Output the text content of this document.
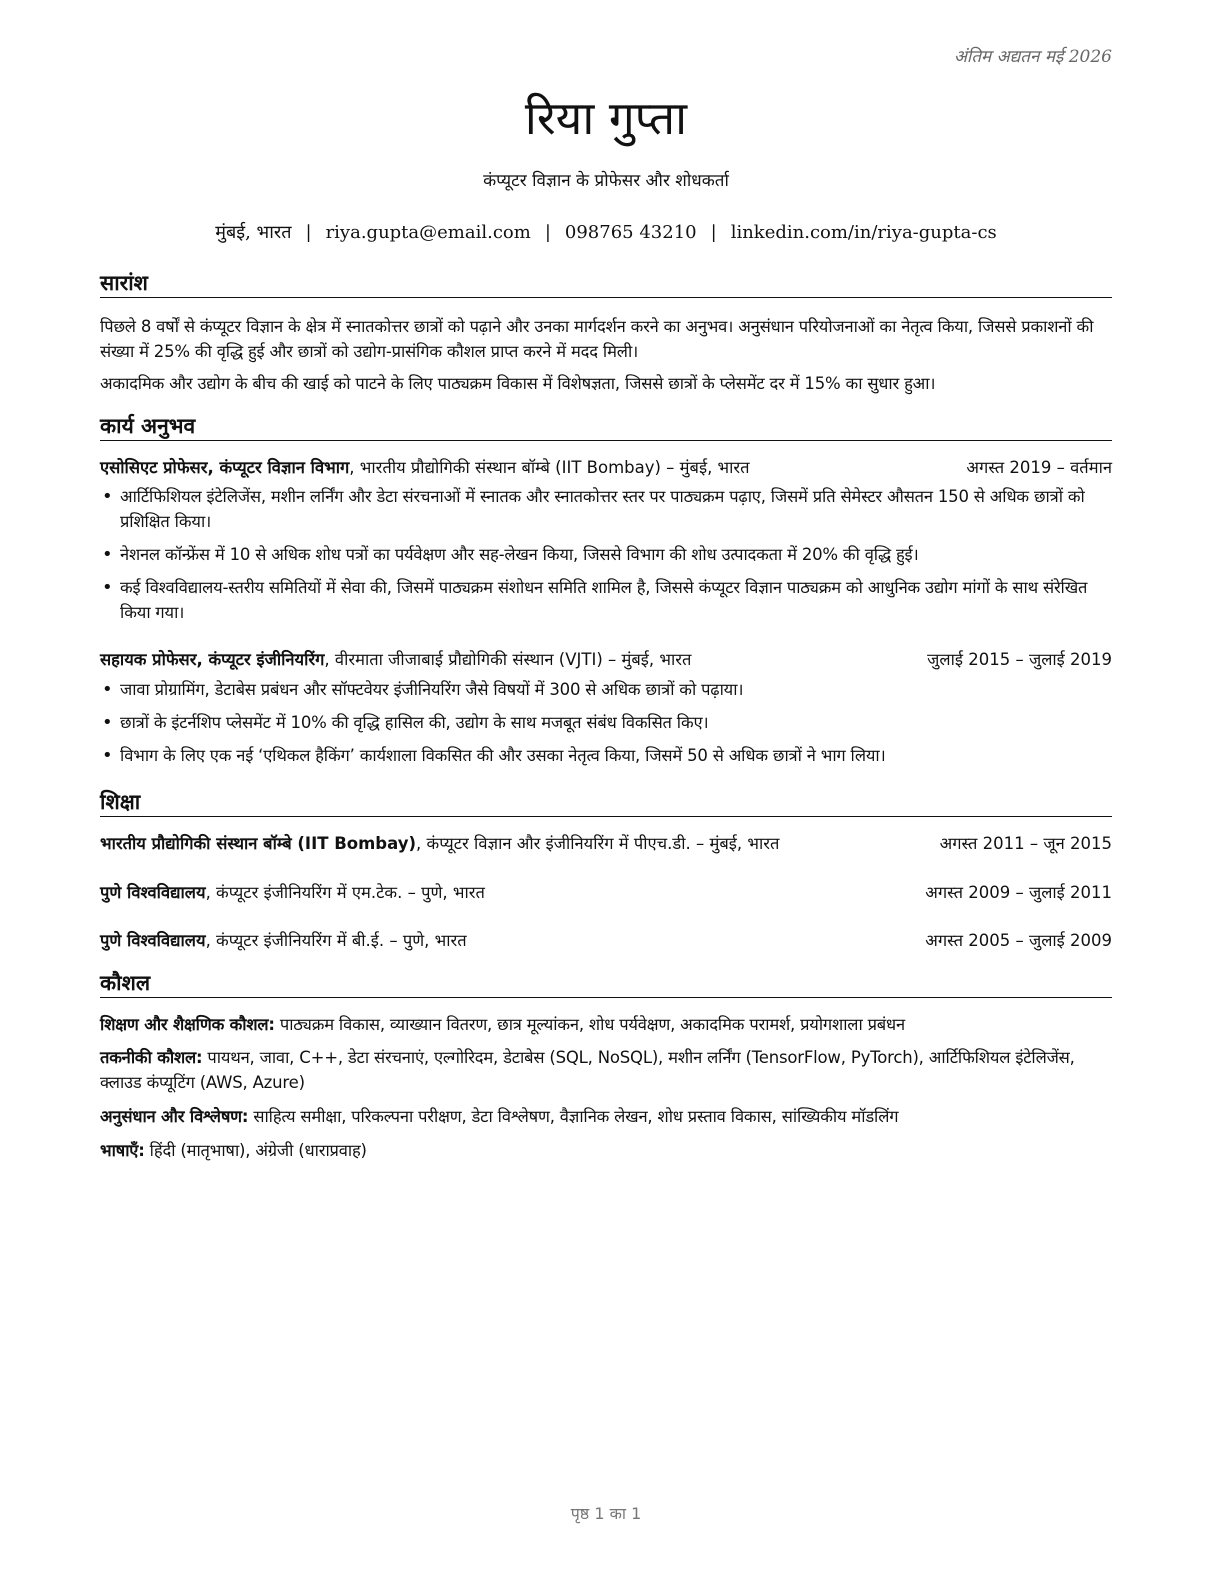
अंतिम अद्यतन मई 2026
रिया गुप्ता
कंप्यूटर विज्ञान के प्रोफेसर और शोधकर्ता
मुंबई, भारत | riya.gupta@email.com | 098765 43210 | linkedin.com/in/riya-gupta-cs
सारांश
पिछले 8 वर्षों से कंप्यूटर विज्ञान के क्षेत्र में स्नातकोत्तर छात्रों को पढ़ाने और उनका मार्गदर्शन करने का अनुभव। अनुसंधान परियोजनाओं का नेतृत्व किया, जिससे प्रकाशनों की संख्या में 25% की वृद्धि हुई और छात्रों को उद्योग-प्रासंगिक कौशल प्राप्त करने में मदद मिली।
अकादमिक और उद्योग के बीच की खाई को पाटने के लिए पाठ्यक्रम विकास में विशेषज्ञता, जिससे छात्रों के प्लेसमेंट दर में 15% का सुधार हुआ।
कार्य अनुभव
एसोसिएट प्रोफेसर, कंप्यूटर विज्ञान विभाग, भारतीय प्रौद्योगिकी संस्थान बॉम्बे (IIT Bombay) – मुंबई, भारत	अगस्त 2019 – वर्तमान
• आर्टिफिशियल इंटेलिजेंस, मशीन लर्निंग और डेटा संरचनाओं में स्नातक और स्नातकोत्तर स्तर पर पाठ्यक्रम पढ़ाए, जिसमें प्रति सेमेस्टर औसतन 150 से अधिक छात्रों को प्रशिक्षित किया।
• नेशनल कॉन्फ्रेंस में 10 से अधिक शोध पत्रों का पर्यवेक्षण और सह-लेखन किया, जिससे विभाग की शोध उत्पादकता में 20% की वृद्धि हुई।
• कई विश्वविद्यालय-स्तरीय समितियों में सेवा की, जिसमें पाठ्यक्रम संशोधन समिति शामिल है, जिससे कंप्यूटर विज्ञान पाठ्यक्रम को आधुनिक उद्योग मांगों के साथ संरेखित किया गया।
सहायक प्रोफेसर, कंप्यूटर इंजीनियरिंग, वीरमाता जीजाबाई प्रौद्योगिकी संस्थान (VJTI) – मुंबई, भारत	जुलाई 2015 – जुलाई 2019
• जावा प्रोग्रामिंग, डेटाबेस प्रबंधन और सॉफ्टवेयर इंजीनियरिंग जैसे विषयों में 300 से अधिक छात्रों को पढ़ाया।
• छात्रों के इंटर्नशिप प्लेसमेंट में 10% की वृद्धि हासिल की, उद्योग के साथ मजबूत संबंध विकसित किए।
• विभाग के लिए एक नई ‘एथिकल हैकिंग’ कार्यशाला विकसित की और उसका नेतृत्व किया, जिसमें 50 से अधिक छात्रों ने भाग लिया।
शिक्षा
भारतीय प्रौद्योगिकी संस्थान बॉम्बे (IIT Bombay), कंप्यूटर विज्ञान और इंजीनियरिंग में पीएच.डी. – मुंबई, भारत	अगस्त 2011 – जून 2015
पुणे विश्वविद्यालय, कंप्यूटर इंजीनियरिंग में एम.टेक. – पुणे, भारत	अगस्त 2009 – जुलाई 2011
पुणे विश्वविद्यालय, कंप्यूटर इंजीनियरिंग में बी.ई. – पुणे, भारत	अगस्त 2005 – जुलाई 2009
कौशल
शिक्षण और शैक्षणिक कौशल: पाठ्यक्रम विकास, व्याख्यान वितरण, छात्र मूल्यांकन, शोध पर्यवेक्षण, अकादमिक परामर्श, प्रयोगशाला प्रबंधन
तकनीकी कौशल: पायथन, जावा, C++, डेटा संरचनाएं, एल्गोरिदम, डेटाबेस (SQL, NoSQL), मशीन लर्निंग (TensorFlow, PyTorch), आर्टिफिशियल इंटेलिजेंस, क्लाउड कंप्यूटिंग (AWS, Azure)
अनुसंधान और विश्लेषण: साहित्य समीक्षा, परिकल्पना परीक्षण, डेटा विश्लेषण, वैज्ञानिक लेखन, शोध प्रस्ताव विकास, सांख्यिकीय मॉडलिंग
भाषाएँ: हिंदी (मातृभाषा), अंग्रेजी (धाराप्रवाह)
पृष्ठ 1 का 1
